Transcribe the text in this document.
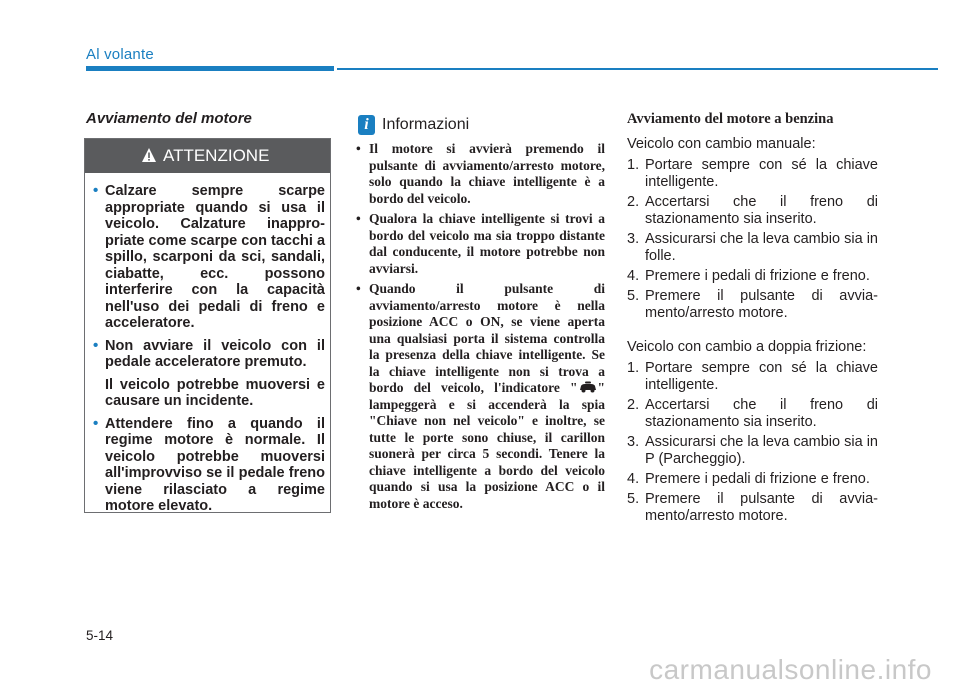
Al volante
Avviamento del motore
ATTENZIONE
• Calzare sempre scarpe appropriate quando si usa il veicolo. Calzature inappro-priate come scarpe con tacchi a spillo, scarponi da sci, sandali, ciabatte, ecc. possono interferire con la capacità nell'uso dei pedali di freno e acceleratore.
• Non avviare il veicolo con il pedale acceleratore premuto.
Il veicolo potrebbe muoversi e causare un incidente.
• Attendere fino a quando il regime motore è normale. Il veicolo potrebbe muoversi all'improvviso se il pedale freno viene rilasciato a regime motore elevato.
i Informazioni
• Il motore si avvierà premendo il pulsante di avviamento/arresto motore, solo quando la chiave intelligente è a bordo del veicolo.
• Qualora la chiave intelligente si trovi a bordo del veicolo ma sia troppo distante dal conducente, il motore potrebbe non avviarsi.
• Quando il pulsante di avviamento/arresto motore è nella posizione ACC o ON, se viene aperta una qualsiasi porta il sistema controlla la presenza della chiave intelligente. Se la chiave intelligente non si trova a bordo del veicolo, l'indicatore " " lampeggerà e si accenderà la spia "Chiave non nel veicolo" e inoltre, se tutte le porte sono chiuse, il carillon suonerà per circa 5 secondi. Tenere la chiave intelligente a bordo del veicolo quando si usa la posizione ACC o il motore è acceso.
Avviamento del motore a benzina
Veicolo con cambio manuale:
1. Portare sempre con sé la chiave intelligente.
2. Accertarsi che il freno di stazionamento sia inserito.
3. Assicurarsi che la leva cambio sia in folle.
4. Premere i pedali di frizione e freno.
5. Premere il pulsante di avvia-mento/arresto motore.
Veicolo con cambio a doppia frizione:
1. Portare sempre con sé la chiave intelligente.
2. Accertarsi che il freno di stazionamento sia inserito.
3. Assicurarsi che la leva cambio sia in P (Parcheggio).
4. Premere i pedali di frizione e freno.
5. Premere il pulsante di avvia-mento/arresto motore.
5-14
carmanualsonline.info
